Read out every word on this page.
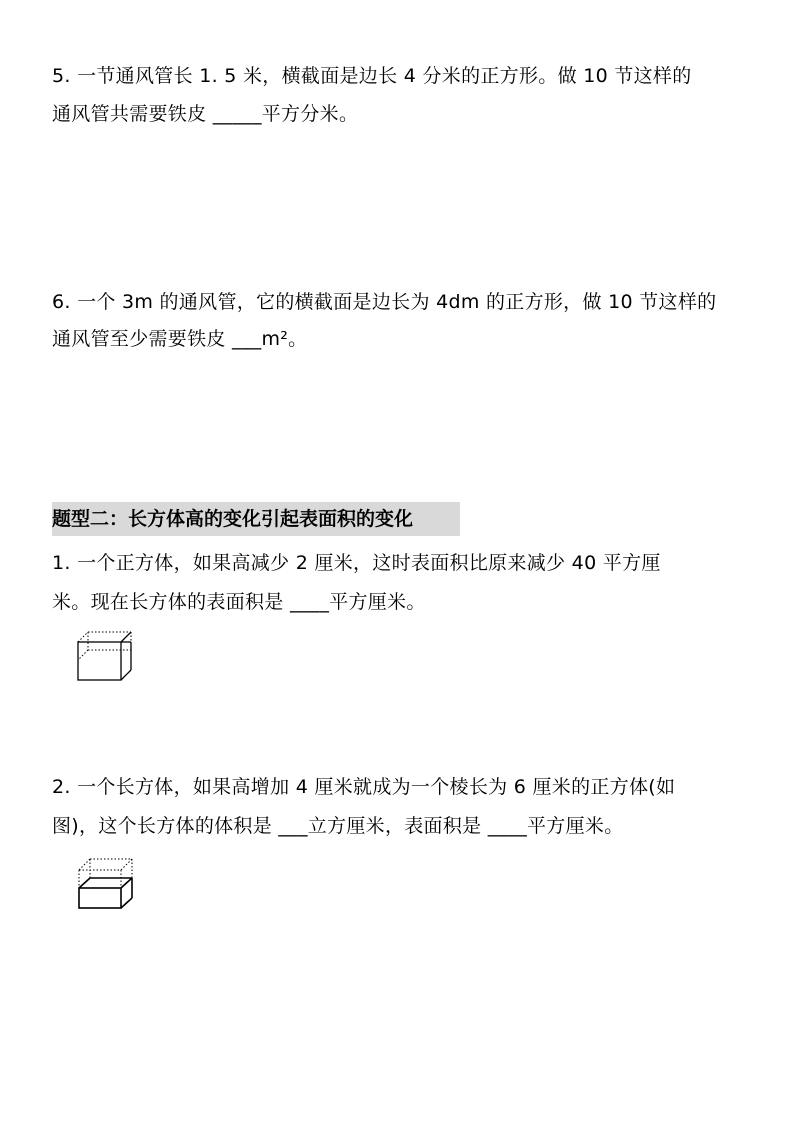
5. 一节通风管长 1. 5 米，横截面是边长 4 分米的正方形。做 10 节这样的
通风管共需要铁皮 _____平方分米。
6. 一个 3m 的通风管，它的横截面是边长为 4dm 的正方形，做 10 节这样的
通风管至少需要铁皮 ___m²。
题型二：长方体高的变化引起表面积的变化
1. 一个正方体，如果高减少 2 厘米，这时表面积比原来减少 40 平方厘
米。现在长方体的表面积是 ____平方厘米。
2. 一个长方体，如果高增加 4 厘米就成为一个棱长为 6 厘米的正方体(如
图)，这个长方体的体积是 ___立方厘米，表面积是 ____平方厘米。
